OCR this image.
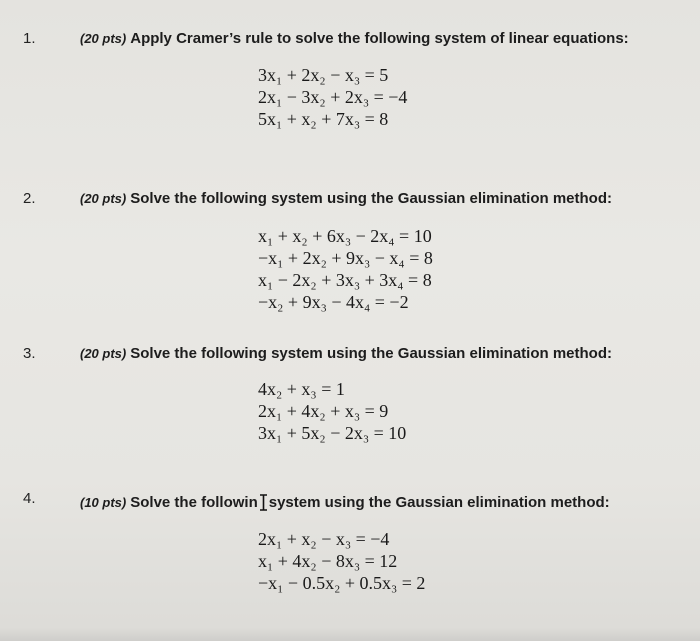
1.	(20 pts) Apply Cramer’s rule to solve the following system of linear equations:
3x₁ + 2x₂ − x₃ = 5
2x₁ − 3x₂ + 2x₃ = −4
5x₁ + x₂ + 7x₃ = 8
2.	(20 pts) Solve the following system using the Gaussian elimination method:
x₁ + x₂ + 6x₃ − 2x₄ = 10
−x₁ + 2x₂ + 9x₃ − x₄ = 8
x₁ − 2x₂ + 3x₃ + 3x₄ = 8
−x₂ + 9x₃ − 4x₄ = −2
3.	(20 pts) Solve the following system using the Gaussian elimination method:
4x₂ + x₃ = 1
2x₁ + 4x₂ + x₃ = 9
3x₁ + 5x₂ − 2x₃ = 10
4.	(10 pts) Solve the followin system using the Gaussian elimination method:
2x₁ + x₂ − x₃ = −4
x₁ + 4x₂ − 8x₃ = 12
−x₁ − 0.5x₂ + 0.5x₃ = 2
